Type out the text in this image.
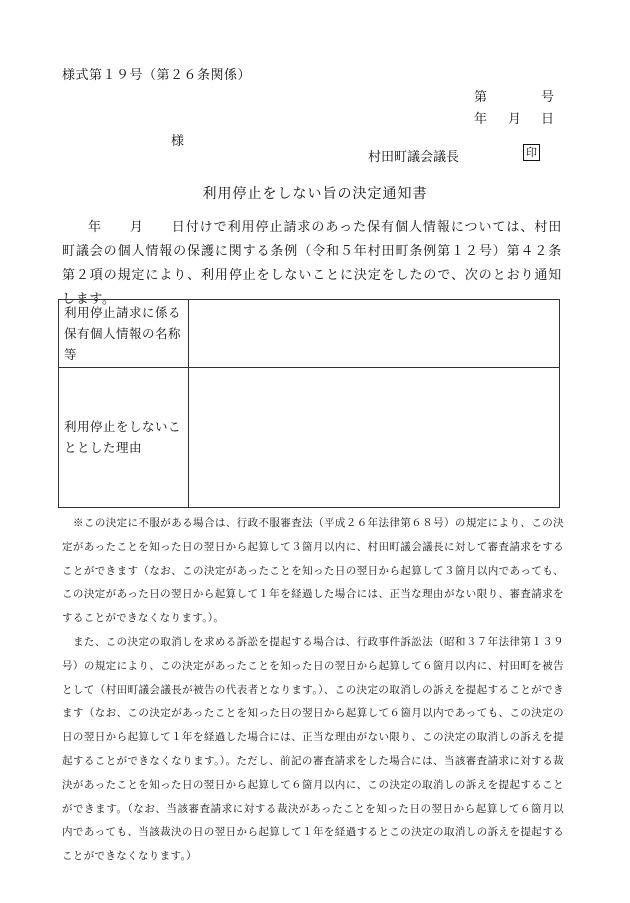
様式第１９号（第２６条関係）
第	号
年 月 日
様
村田町議会議長	印
利用停止をしない旨の決定通知書

年　　月　　日付けで利用停止請求のあった保有個人情報については、村田町議会の個人情報の保護に関する条例（令和５年村田町条例第１２号）第４２条第２項の規定により、利用停止をしないことに決定をしたので、次のとおり通知します。

利用停止請求に係る保有個人情報の名称等	
利用停止をしないこととした理由	

※この決定に不服がある場合は、行政不服審査法（平成２６年法律第６８号）の規定により、この決定があったことを知った日の翌日から起算して３箇月以内に、村田町議会議長に対して審査請求をすることができます（なお、この決定があったことを知った日の翌日から起算して３箇月以内であっても、この決定があった日の翌日から起算して１年を経過した場合には、正当な理由がない限り、審査請求をすることができなくなります。）。

また、この決定の取消しを求める訴訟を提起する場合は、行政事件訴訟法（昭和３７年法律第１３９号）の規定により、この決定があったことを知った日の翌日から起算して６箇月以内に、村田町を被告として（村田町議会議長が被告の代表者となります。）、この決定の取消しの訴えを提起することができます（なお、この決定があったことを知った日の翌日から起算して６箇月以内であっても、この決定の日の翌日から起算して１年を経過した場合には、正当な理由がない限り、この決定の取消しの訴えを提起することができなくなります。）。ただし、前記の審査請求をした場合には、当該審査請求に対する裁決があったことを知った日の翌日から起算して６箇月以内に、この決定の取消しの訴えを提起することができます。（なお、当該審査請求に対する裁決があったことを知った日の翌日から起算して６箇月以内であっても、当該裁決の日の翌日から起算して１年を経過するとこの決定の取消しの訴えを提起することができなくなります。）
